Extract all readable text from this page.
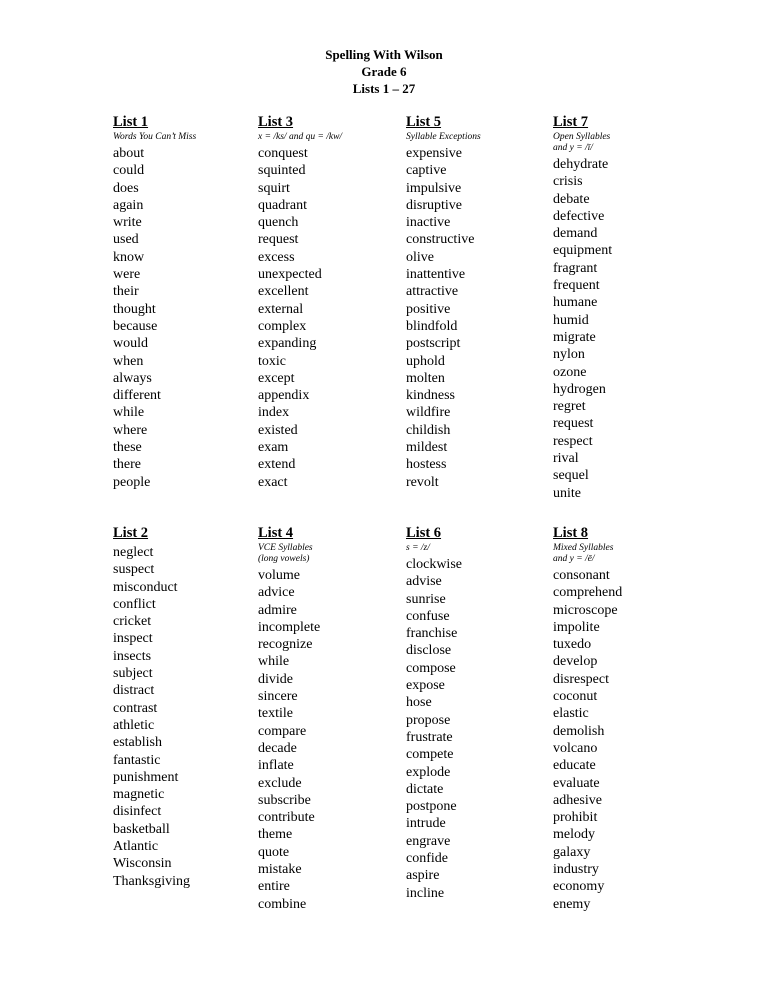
Spelling With Wilson
Grade 6
Lists 1 – 27
List 1
Words You Can’t Miss
about
could
does
again
write
used
know
were
their
thought
because
would
when
always
different
while
where
these
there
people
List 2
neglect
suspect
misconduct
conflict
cricket
inspect
insects
subject
distract
contrast
athletic
establish
fantastic
punishment
magnetic
disinfect
basketball
Atlantic
Wisconsin
Thanksgiving
List 3
x = /ks/ and qu = /kw/
conquest
squinted
squirt
quadrant
quench
request
excess
unexpected
excellent
external
complex
expanding
toxic
except
appendix
index
existed
exam
extend
exact
List 4
VCE Syllables
(long vowels)
volume
advice
admire
incomplete
recognize
while
divide
sincere
textile
compare
decade
inflate
exclude
subscribe
contribute
theme
quote
mistake
entire
combine
List 5
Syllable Exceptions
expensive
captive
impulsive
disruptive
inactive
constructive
olive
inattentive
attractive
positive
blindfold
postscript
uphold
molten
kindness
wildfire
childish
mildest
hostess
revolt
List 6
s = /z/
clockwise
advise
sunrise
confuse
franchise
disclose
compose
expose
hose
propose
frustrate
compete
explode
dictate
postpone
intrude
engrave
confide
aspire
incline
List 7
Open Syllables
and y = /ī/
dehydrate
crisis
debate
defective
demand
equipment
fragrant
frequent
humane
humid
migrate
nylon
ozone
hydrogen
regret
request
respect
rival
sequel
unite
List 8
Mixed Syllables
and y = /ē/
consonant
comprehend
microscope
impolite
tuxedo
develop
disrespect
coconut
elastic
demolish
volcano
educate
evaluate
adhesive
prohibit
melody
galaxy
industry
economy
enemy
